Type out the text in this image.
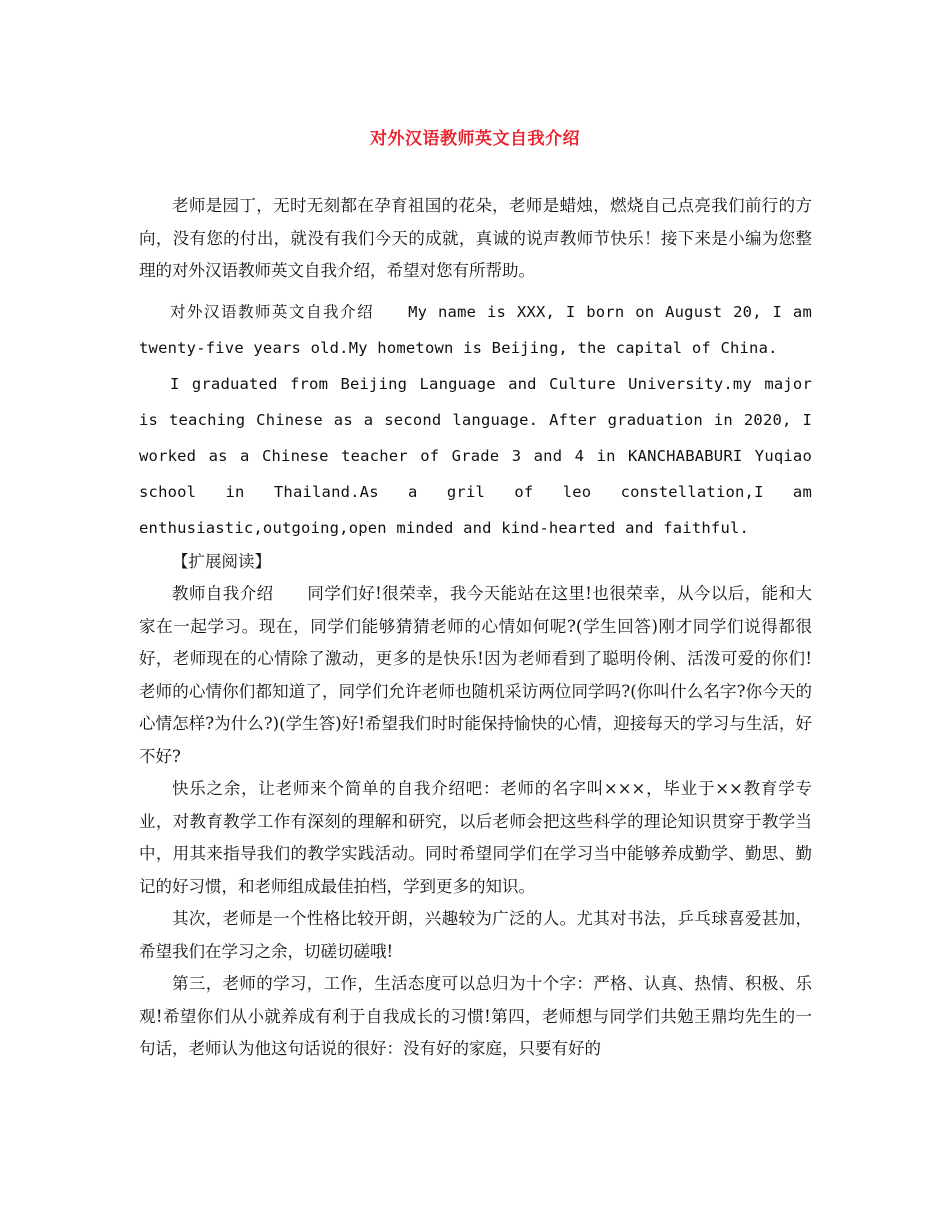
对外汉语教师英文自我介绍

老师是园丁，无时无刻都在孕育祖国的花朵，老师是蜡烛，燃烧自己点亮我们前行的方向，没有您的付出，就没有我们今天的成就，真诚的说声教师节快乐！接下来是小编为您整理的对外汉语教师英文自我介绍，希望对您有所帮助。

对外汉语教师英文自我介绍　　My name is XXX, I born on August 20, I am twenty-five years old.My hometown is Beijing, the capital of China.

I graduated from Beijing Language and Culture University.my major is teaching Chinese as a second language. After graduation in 2020, I worked as a Chinese teacher of Grade 3 and 4 in KANCHABABURI Yuqiao school in Thailand.As a gril of leo constellation,I am enthusiastic,outgoing,open minded and kind-hearted and faithful.

【扩展阅读】

教师自我介绍　　同学们好!很荣幸，我今天能站在这里!也很荣幸，从今以后，能和大家在一起学习。现在，同学们能够猜猜老师的心情如何呢?(学生回答)刚才同学们说得都很好，老师现在的心情除了激动，更多的是快乐!因为老师看到了聪明伶俐、活泼可爱的你们!老师的心情你们都知道了，同学们允许老师也随机采访两位同学吗?(你叫什么名字?你今天的心情怎样?为什么?)(学生答)好!希望我们时时能保持愉快的心情，迎接每天的学习与生活，好不好?

快乐之余，让老师来个简单的自我介绍吧：老师的名字叫×××，毕业于××教育学专业，对教育教学工作有深刻的理解和研究，以后老师会把这些科学的理论知识贯穿于教学当中，用其来指导我们的教学实践活动。同时希望同学们在学习当中能够养成勤学、勤思、勤记的好习惯，和老师组成最佳拍档，学到更多的知识。

其次，老师是一个性格比较开朗，兴趣较为广泛的人。尤其对书法，乒乓球喜爱甚加，希望我们在学习之余，切磋切磋哦!

第三，老师的学习，工作，生活态度可以总归为十个字：严格、认真、热情、积极、乐观!希望你们从小就养成有利于自我成长的习惯!第四，老师想与同学们共勉王鼎均先生的一句话，老师认为他这句话说的很好：没有好的家庭，只要有好的
